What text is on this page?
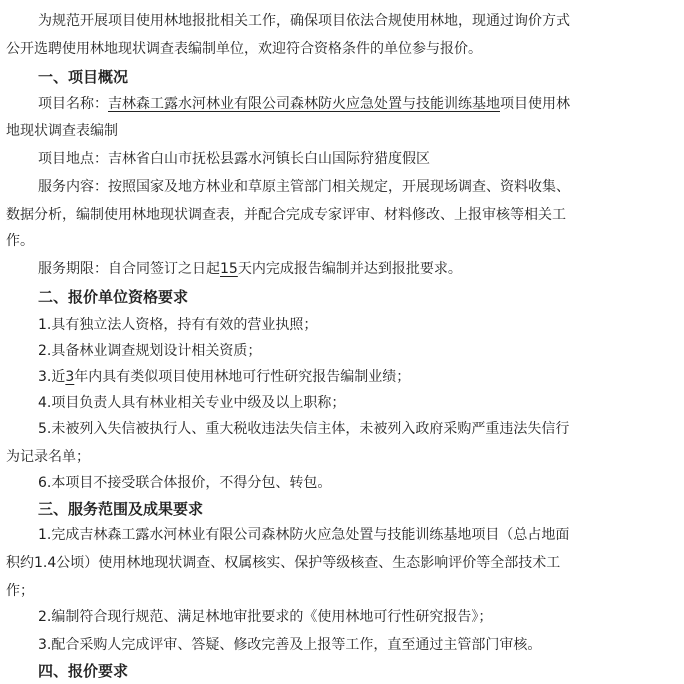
为规范开展项目使用林地报批相关工作，确保项目依法合规使用林地，现通过询价方式
公开选聘使用林地现状调查表编制单位，欢迎符合资格条件的单位参与报价。
一、项目概况
项目名称：吉林森工露水河林业有限公司森林防火应急处置与技能训练基地项目使用林
地现状调查表编制
项目地点：吉林省白山市抚松县露水河镇长白山国际狩猎度假区
服务内容：按照国家及地方林业和草原主管部门相关规定，开展现场调查、资料收集、
数据分析，编制使用林地现状调查表，并配合完成专家评审、材料修改、上报审核等相关工
作。
服务期限：自合同签订之日起15天内完成报告编制并达到报批要求。
二、报价单位资格要求
1.具有独立法人资格，持有有效的营业执照；
2.具备林业调查规划设计相关资质；
3.近3年内具有类似项目使用林地可行性研究报告编制业绩；
4.项目负责人具有林业相关专业中级及以上职称；
5.未被列入失信被执行人、重大税收违法失信主体，未被列入政府采购严重违法失信行
为记录名单；
6.本项目不接受联合体报价，不得分包、转包。
三、服务范围及成果要求
1.完成吉林森工露水河林业有限公司森林防火应急处置与技能训练基地项目（总占地面
积约1.4公顷）使用林地现状调查、权属核实、保护等级核查、生态影响评价等全部技术工
作；
2.编制符合现行规范、满足林地审批要求的《使用林地可行性研究报告》；
3.配合采购人完成评审、答疑、修改完善及上报等工作，直至通过主管部门审核。
四、报价要求
